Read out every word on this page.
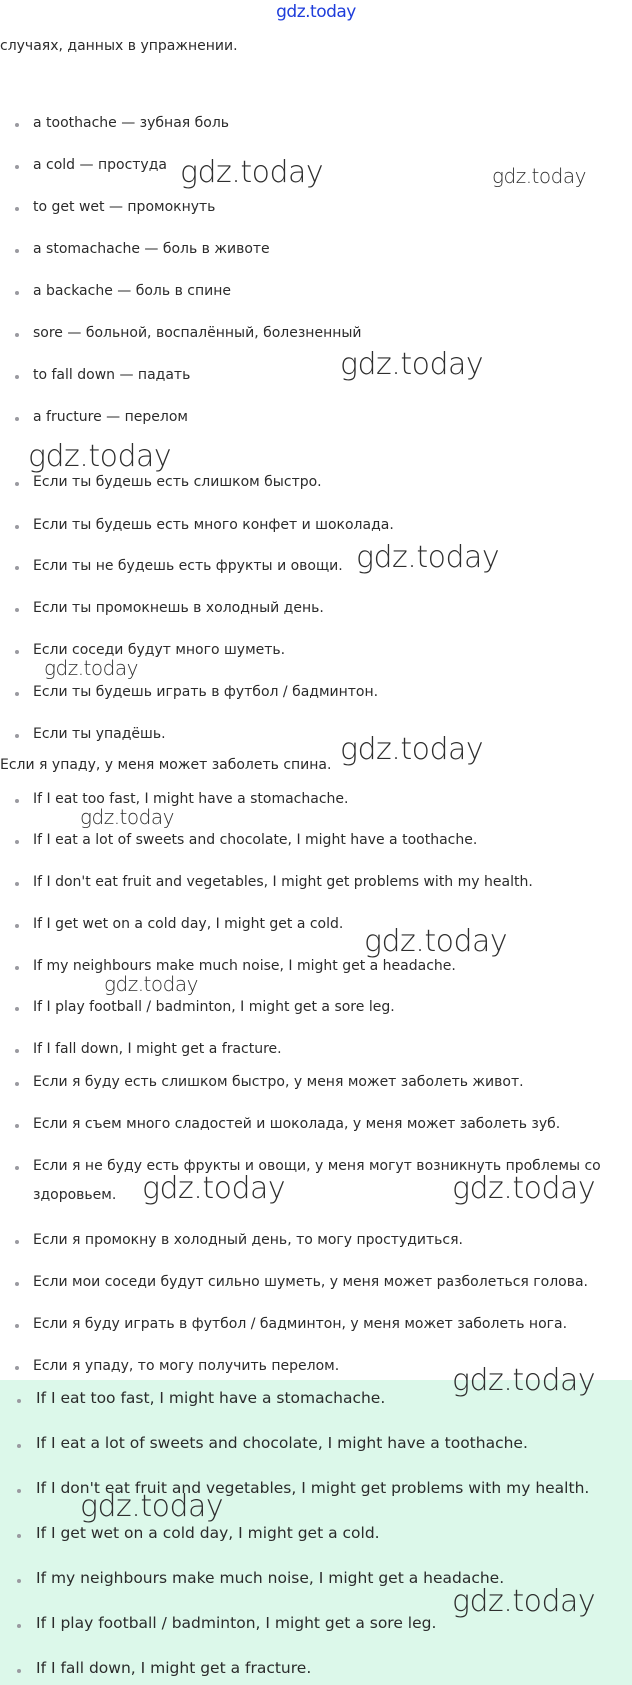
gdz.today
случаях, данных в упражнении.
a toothache — зубная боль
a cold — простуда
to get wet — промокнуть
a stomachache — боль в животе
a backache — боль в спине
sore — больной, воспалённый, болезненный
to fall down — падать
a fructure — перелом
Если ты будешь есть слишком быстро.
Если ты будешь есть много конфет и шоколада.
Если ты не будешь есть фрукты и овощи.
Если ты промокнешь в холодный день.
Если соседи будут много шуметь.
Если ты будешь играть в футбол / бадминтон.
Если ты упадёшь.
Если я упаду, у меня может заболеть спина.
If I eat too fast, I might have a stomachache.
If I eat a lot of sweets and chocolate, I might have a toothache.
If I don't eat fruit and vegetables, I might get problems with my health.
If I get wet on a cold day, I might get a cold.
If my neighbours make much noise, I might get a headache.
If I play football / badminton, I might get a sore leg.
If I fall down, I might get a fracture.
Если я буду есть слишком быстро, у меня может заболеть живот.
Если я съем много сладостей и шоколада, у меня может заболеть зуб.
Если я не буду есть фрукты и овощи, у меня могут возникнуть проблемы со
здоровьем.
Если я промокну в холодный день, то могу простудиться.
Если мои соседи будут сильно шуметь, у меня может разболеться голова.
Если я буду играть в футбол / бадминтон, у меня может заболеть нога.
Если я упаду, то могу получить перелом.
If I eat too fast, I might have a stomachache.
If I eat a lot of sweets and chocolate, I might have a toothache.
If I don't eat fruit and vegetables, I might get problems with my health.
If I get wet on a cold day, I might get a cold.
If my neighbours make much noise, I might get a headache.
If I play football / badminton, I might get a sore leg.
If I fall down, I might get a fracture.
gdz.today	gdz.today
gdz.today
gdz.today
gdz.today
gdz.today
gdz.today
gdz.today
gdz.today
gdz.today
gdz.today	gdz.today
gdz.today
gdz.today
gdz.today
